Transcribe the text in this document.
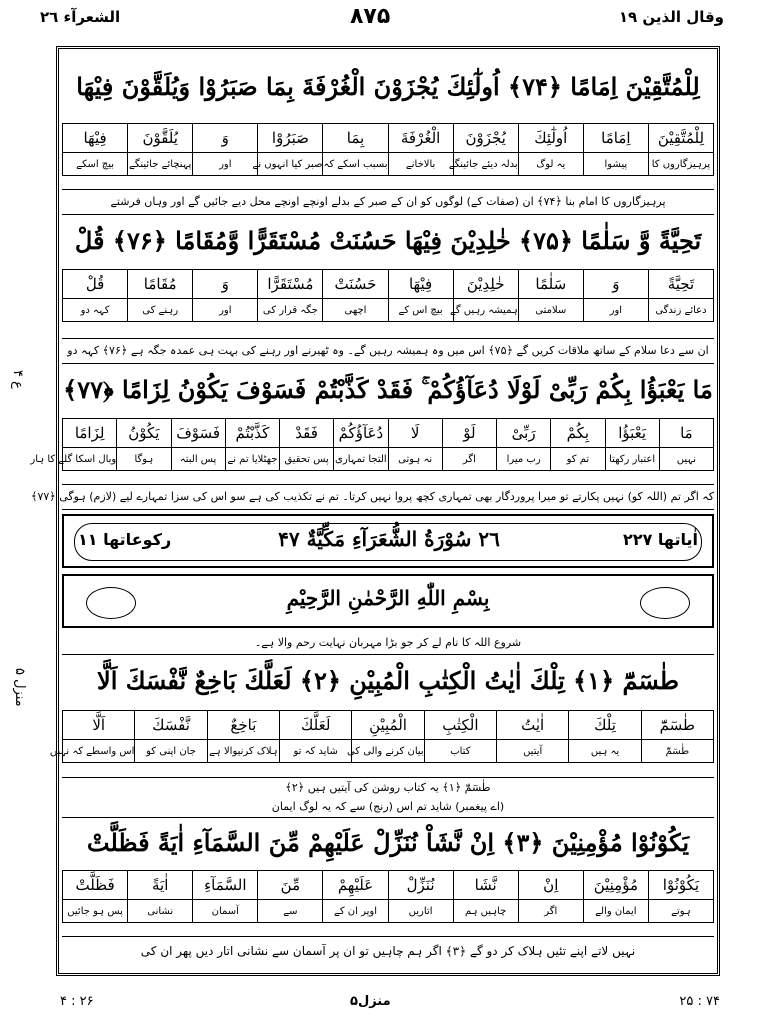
وقال الذین ١٩
٨٧۵
الشعرآء ٢٦
ع ۴
منزل ۵
لِلْمُتَّقِیْنَ اِمَامًا ﴿٧۴﴾ اُولٰٓئِكَ یُجْزَوْنَ الْغُرْفَةَ بِمَا صَبَرُوْا وَیُلَقَّوْنَ فِیْهَا
لِلْمُتَّقِیْنَ	اِمَامًا	اُولٰٓئِكَ	یُجْزَوْنَ	الْغُرْفَةَ	بِمَا	صَبَرُوْا	وَ	یُلَقَّوْنَ	فِیْهَا
پرہیزگاروں کا	پیشوا	یہ لوگ	بدلہ دیئے جائینگے	بالاخانے	بسبب اسکے کہ	صبر کیا انہوں نے	اور	پہنچائے جائینگے	بیچ اسکے
پرہیزگاروں کا امام بنا ﴿۷۴﴾ ان (صفات کے) لوگوں کو ان کے صبر کے بدلے اونچے اونچے محل دیے جائیں گے اور وہاں فرشتے
تَحِیَّةً وَّ سَلٰمًا ﴿٧۵﴾ خٰلِدِیْنَ فِیْهَا حَسُنَتْ مُسْتَقَرًّا وَّمُقَامًا ﴿٧۶﴾ قُلْ
تَحِیَّةً	وَ	سَلٰمًا	خٰلِدِیْنَ	فِیْهَا	حَسُنَتْ	مُسْتَقَرًّا	وَ	مُقَامًا	قُلْ
دعائے زندگی	اور	سلامتی	ہمیشہ رہیں گے	بیچ اس کے	اچھی	جگہ قرار کی	اور	رہنے کی	کہہ دو
ان سے دعا سلام کے ساتھ ملاقات کریں گے ﴿۷۵﴾ اس میں وہ ہمیشہ رہیں گے۔ وہ ٹھیرنے اور رہنے کی بہت ہی عمدہ جگہ ہے ﴿۷۶﴾ کہہ دو
مَا یَعْبَؤُا بِكُمْ رَبِّیْ لَوْلَا دُعَآؤُكُمْ ۚ فَقَدْ كَذَّبْتُمْ فَسَوْفَ یَكُوْنُ لِزَامًا ﴿٧٧﴾
مَا	یَعْبَؤُا	بِكُمْ	رَبِّیْ	لَوْ	لَا	دُعَآؤُكُمْ	فَقَدْ	كَذَّبْتُمْ	فَسَوْفَ	یَكُوْنُ	لِزَامًا
نہیں	اعتبار رکھتا	تم کو	رب میرا	اگر	نہ ہوتی	التجا تمہاری	پس تحقیق	جھٹلایا تم نے	پس البتہ	ہوگا	وبال اسکا گلے کا ہار
کہ اگر تم (اللہ کو) نہیں پکارتے تو میرا پروردگار بھی تمہاری کچھ پروا نہیں کرتا۔ تم نے تکذیب کی ہے سو اس کی سزا تمہارے لیے (لازم) ہوگی ﴿۷۷﴾
رکوعاتھا ١١	٢٦ سُوْرَةُ الشُّعَرَآءِ مَكِّیَّةٌ ۴٧	اٰیاتھا ٢٢٧
بِسْمِ اللّٰهِ الرَّحْمٰنِ الرَّحِیْمِ
شروع اللہ کا نام لے کر جو بڑا مہربان نہایت رحم والا ہے۔
طٰسٓمّٓ ﴿١﴾ تِلْكَ اٰیٰتُ الْكِتٰبِ الْمُبِیْنِ ﴿٢﴾ لَعَلَّكَ بَاخِعٌ نَّفْسَكَ اَلَّا
طٰسٓمّٓ	تِلْكَ	اٰیٰتُ	الْكِتٰبِ	الْمُبِیْنِ	لَعَلَّكَ	بَاخِعٌ	نَّفْسَكَ	اَلَّا
طٰسٓمّٓ	یہ ہیں	آیتیں	کتاب	بیان کرنے والی کی	شاید کہ تو	ہلاک کرنیوالا ہے	جان اپنی کو	اس واسطے کہ نہیں
طٰسٓمّٓ ﴿۱﴾ یہ کتاب روشن کی آیتیں ہیں ﴿۲﴾
(اے پیغمبر) شاید تم اس (رنج) سے کہ یہ لوگ ایمان
یَكُوْنُوْا مُؤْمِنِیْنَ ﴿٣﴾ اِنْ نَّشَاْ نُنَزِّلْ عَلَیْهِمْ مِّنَ السَّمَآءِ اٰیَةً فَظَلَّتْ
یَكُوْنُوْا	مُؤْمِنِیْنَ	اِنْ	نَّشَا	نُنَزِّلْ	عَلَیْهِمْ	مِّنَ	السَّمَآءِ	اٰیَةً	فَظَلَّتْ
ہوتے	ایمان والے	اگر	چاہیں ہم	اتاریں	اوپر ان کے	سے	آسمان	نشانی	پس ہو جائیں
نہیں لاتے اپنے تئیں ہلاک کر دو گے ﴿۳﴾ اگر ہم چاہیں تو ان پر آسمان سے نشانی اتار دیں پھر ان کی
۴ : ٢۶	منزل۵	٢۵ : ٧۴
